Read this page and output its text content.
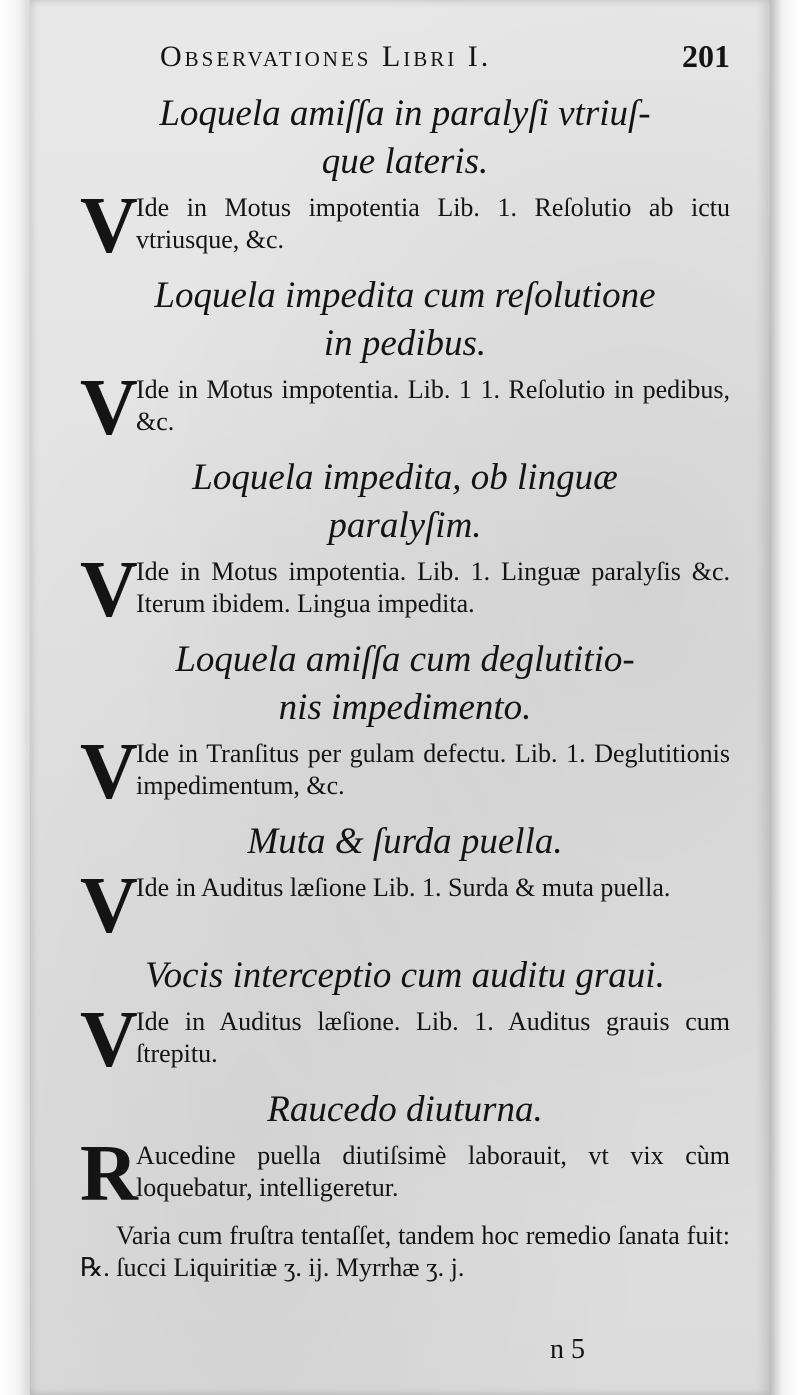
Observationes Libri I.	201

Loquela amiſſa in paralyſi vtriuſ-
que lateris.

V
Ide in Motus impotentia Lib. 1. Reſolutio ab ictu vtriusque, &c.

Loquela impedita cum reſolutione
in pedibus.

V
Ide in Motus impotentia. Lib. 1 1. Reſolutio in pedibus, &c.

Loquela impedita, ob linguæ
paralyſim.

V
Ide in Motus impotentia. Lib. 1. Linguæ paralyſis &c. Iterum ibidem. Lingua impedita.

Loquela amiſſa cum deglutitio-
nis impedimento.

V
Ide in Tranſitus per gulam defectu. Lib. 1. Deglutitionis impedimentum, &c.

Muta & ſurda puella.

V
Ide in Auditus læſione Lib. 1. Surda & muta puella.

Vocis interceptio cum auditu graui.

V
Ide in Auditus læſione. Lib. 1. Auditus grauis cum ſtrepitu.

Raucedo diuturna.

R
Aucedine puella diutiſsimè laborauit, vt vix cùm loquebatur, intelligeretur.

Varia cum fruſtra tentaſſet, tandem hoc remedio ſanata fuit: ℞. ſucci Liquiritiæ ʒ. ij. Myrrhæ ʒ. j.

n 5
